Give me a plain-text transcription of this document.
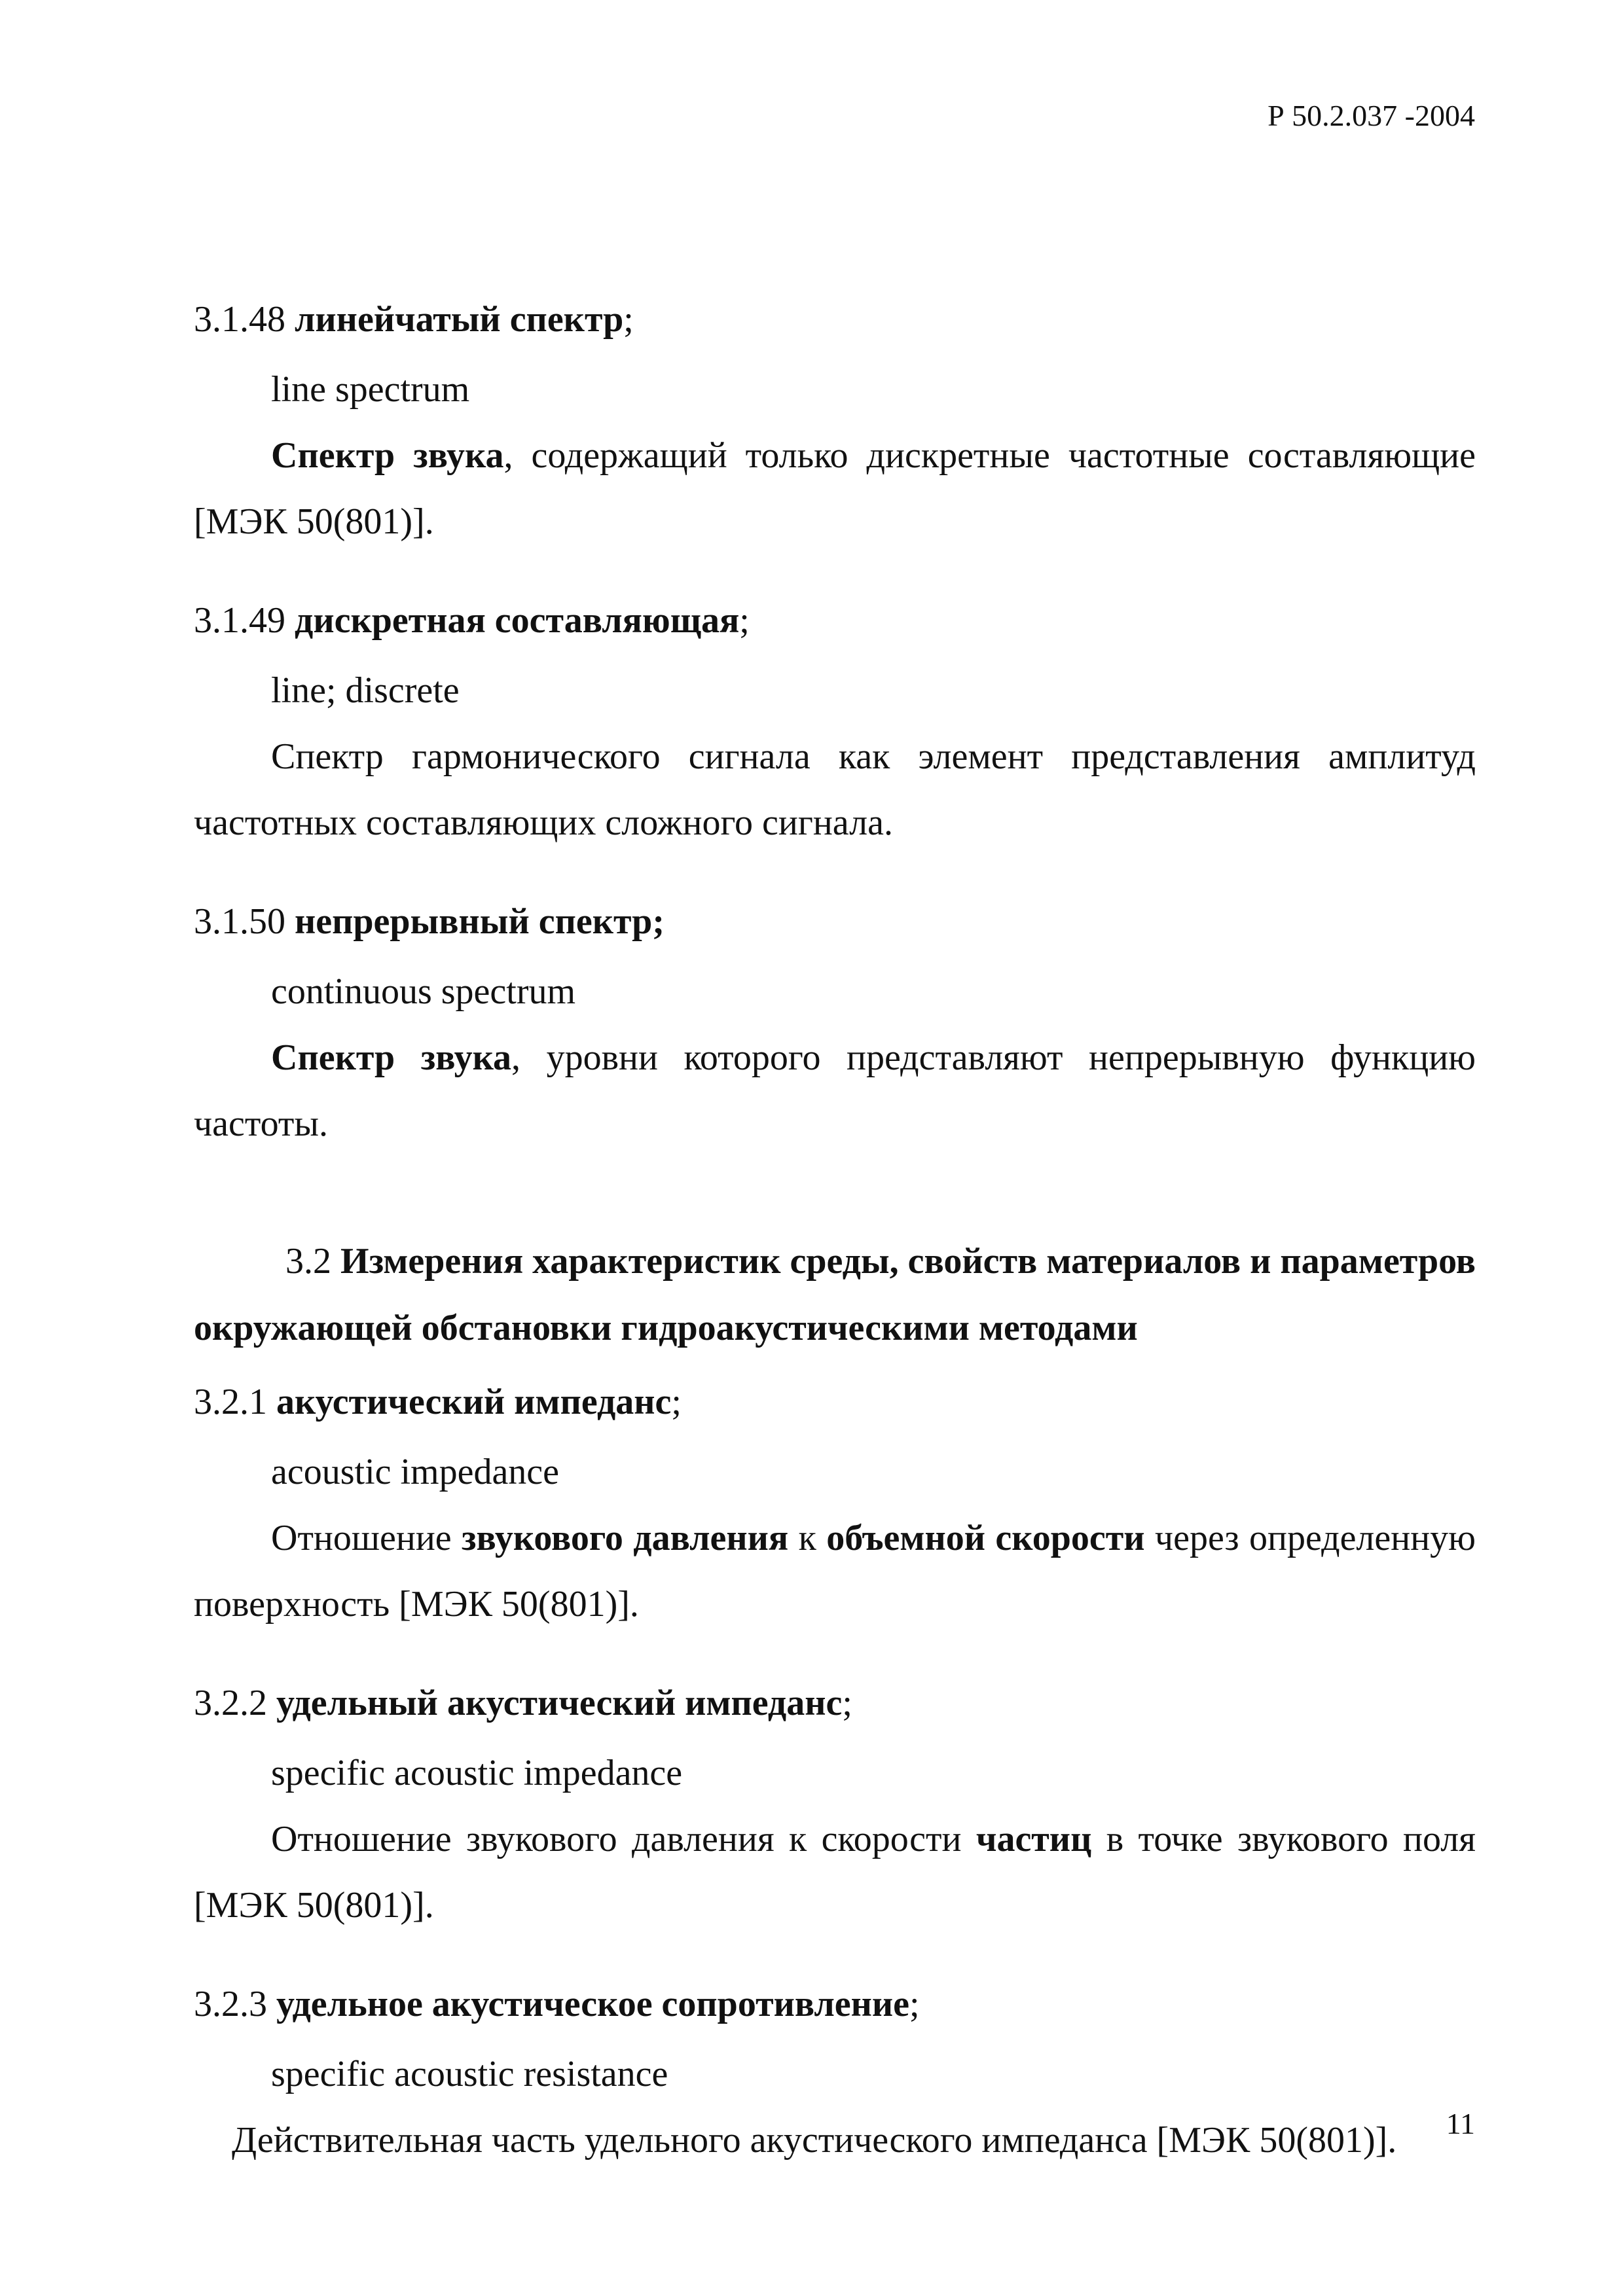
Р 50.2.037 -2004

3.1.48 линейчатый спектр;

line spectrum

Спектр звука, содержащий только дискретные частотные составляющие [МЭК 50(801)].

3.1.49 дискретная составляющая;

line; discrete

Спектр гармонического сигнала как элемент представления амплитуд частотных составляющих сложного сигнала.

3.1.50 непрерывный спектр;

continuous spectrum

Спектр звука, уровни которого представляют непрерывную функцию частоты.

3.2 Измерения характеристик среды, свойств материалов и параметров окружающей обстановки гидроакустическими методами

3.2.1 акустический импеданс;

acoustic impedance

Отношение звукового давления к объемной скорости через определенную поверхность [МЭК 50(801)].

3.2.2 удельный акустический импеданс;

specific acoustic impedance

Отношение звукового давления к скорости частиц в точке звукового поля [МЭК 50(801)].

3.2.3 удельное акустическое сопротивление;

specific acoustic resistance

Действительная часть удельного акустического импеданса [МЭК 50(801)].	11
